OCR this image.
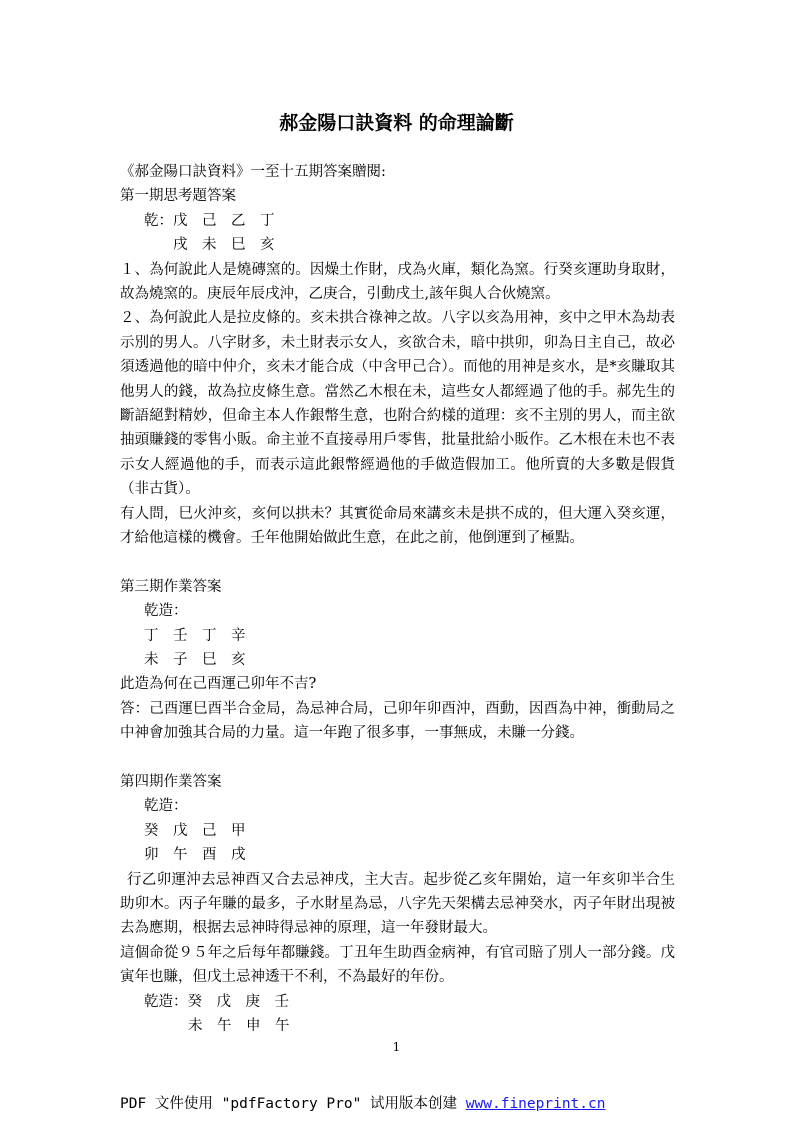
郝金陽口訣資料 的命理論斷
《郝金陽口訣資料》一至十五期答案贈閱:
第一期思考題答案
乾：戊　己　乙　丁
戌　未　巳　亥
１、為何說此人是燒磚窯的。因燥土作財，戌為火庫，類化為窯。行癸亥運助身取財，故為燒窯的。庚辰年辰戌沖，乙庚合，引動戌土,該年與人合伙燒窯。
２、為何說此人是拉皮條的。亥未拱合祿神之故。八字以亥為用神，亥中之甲木為劫表示別的男人。八字財多，未土財表示女人，亥欲合未，暗中拱卯，卯為日主自己，故必須透過他的暗中仲介，亥未才能合成（中含甲己合）。而他的用神是亥水，是*亥賺取其他男人的錢，故為拉皮條生意。當然乙木根在未，這些女人都經過了他的手。郝先生的斷語絕對精妙，但命主本人作銀幣生意，也附合約樣的道理：亥不主別的男人，而主欲抽頭賺錢的零售小販。命主並不直接尋用戶零售，批量批給小販作。乙木根在未也不表示女人經過他的手，而表示這此銀幣經過他的手做造假加工。他所賣的大多數是假貨（非古貨）。
有人問，巳火沖亥，亥何以拱未？其實從命局來講亥未是拱不成的，但大運入癸亥運，才給他這樣的機會。壬年他開始做此生意，在此之前，他倒運到了極點。
第三期作業答案
乾造：
丁　壬　丁　辛
未　子　巳　亥
此造為何在己酉運己卯年不吉?
答：己酉運巳酉半合金局，為忌神合局，己卯年卯酉沖，酉動，因酉為中神，衝動局之中神會加強其合局的力量。這一年跑了很多事，一事無成，未賺一分錢。
第四期作業答案
乾造：
癸　戊　己　甲
卯　午　酉　戌
行乙卯運沖去忌神酉又合去忌神戌，主大吉。起步從乙亥年開始，這一年亥卯半合生助卯木。丙子年賺的最多，子水財星為忌，八字先天架構去忌神癸水，丙子年財出現被去為應期，根据去忌神時得忌神的原理，這一年發財最大。
這個命從９５年之后每年都賺錢。丁丑年生助酉金病神，有官司賠了別人一部分錢。戊寅年也賺，但戊土忌神透干不利，不為最好的年份。
乾造：癸　戊　庚　壬
未　午　申　午
1
PDF 文件使用 "pdfFactory Pro" 试用版本创建 www.fineprint.cn
